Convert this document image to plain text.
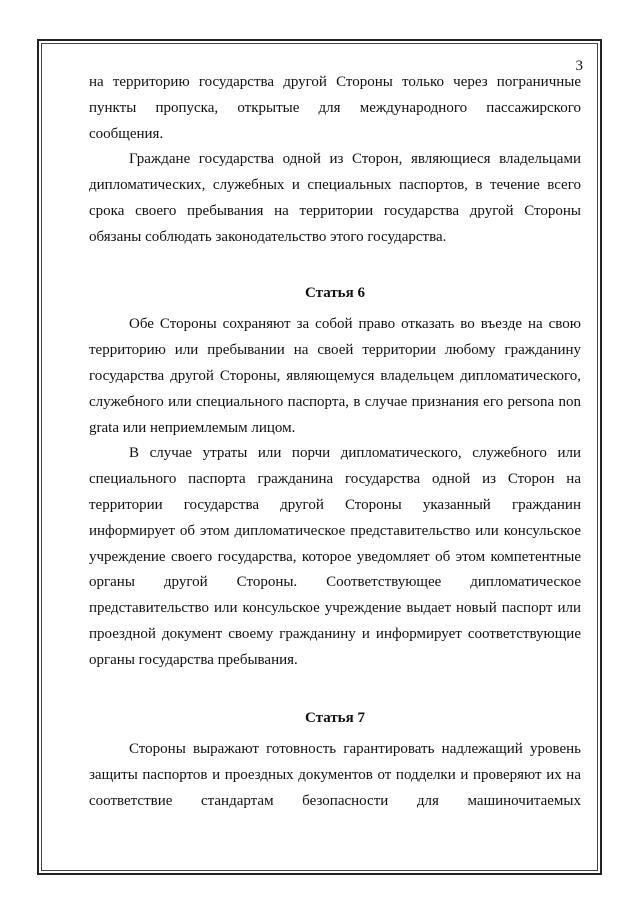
3

на территорию государства другой Стороны только через пограничные пункты пропуска, открытые для международного пассажирского сообщения.

Граждане государства одной из Сторон, являющиеся владельцами дипломатических, служебных и специальных паспортов, в течение всего срока своего пребывания на территории государства другой Стороны обязаны соблюдать законодательство этого государства.

Статья 6

Обе Стороны сохраняют за собой право отказать во въезде на свою территорию или пребывании на своей территории любому гражданину государства другой Стороны, являющемуся владельцем дипломатического, служебного или специального паспорта, в случае признания его persona non grata или неприемлемым лицом.

В случае утраты или порчи дипломатического, служебного или специального паспорта гражданина государства одной из Сторон на территории государства другой Стороны указанный гражданин информирует об этом дипломатическое представительство или консульское учреждение своего государства, которое уведомляет об этом компетентные органы другой Стороны. Соответствующее дипломатическое представительство или консульское учреждение выдает новый паспорт или проездной документ своему гражданину и информирует соответствующие органы государства пребывания.

Статья 7

Стороны выражают готовность гарантировать надлежащий уровень защиты паспортов и проездных документов от подделки и проверяют их на соответствие стандартам безопасности для машиночитаемых
